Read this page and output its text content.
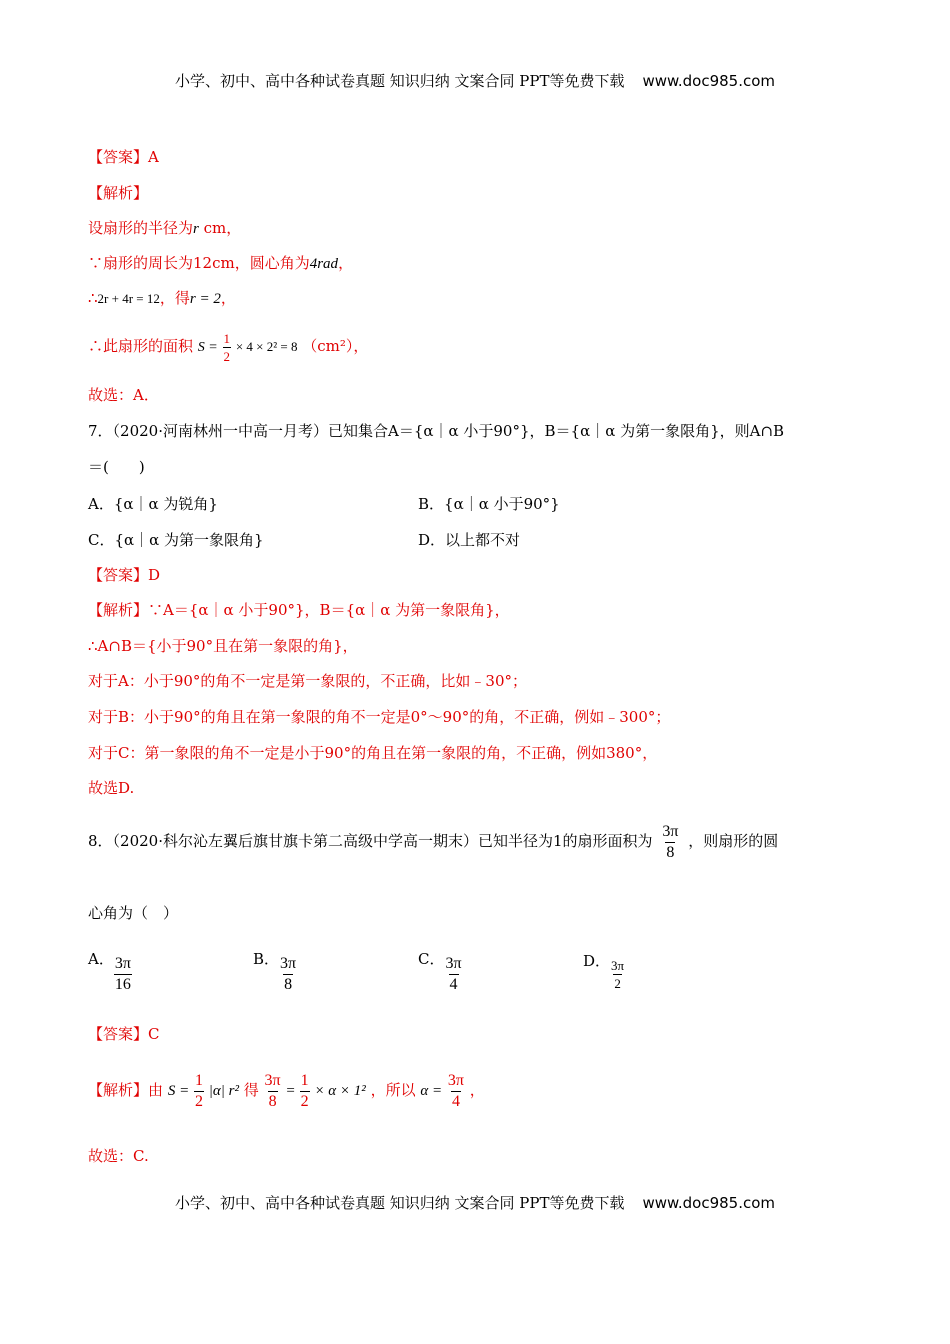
小学、初中、高中各种试卷真题 知识归纳 文案合同 PPT等免费下载 www.doc985.com
【答案】A
【解析】
设扇形的半径为r cm，
∵扇形的周长为12cm，圆心角为4rad，
∴2r + 4r = 12，得r = 2，
∴此扇形的面积 $S = \frac{1}{2} \times 4 \times 2^2 = 8$ （cm²），
故选：A．
7．（2020·河南林州一中高一月考）已知集合A＝{α｜α 小于90°}，B＝{α｜α 为第一象限角}，则A∩B
＝(　　)
A．{α｜α 为锐角}	B．{α｜α 小于90°}
C．{α｜α 为第一象限角}	D．以上都不对
【答案】D
【解析】∵A＝{α｜α 小于90°}，B＝{α｜α 为第一象限角}，
∴A∩B＝{小于90°且在第一象限的角}，
对于A：小于90°的角不一定是第一象限的，不正确，比如﹣30°；
对于B：小于90°的角且在第一象限的角不一定是0°～90°的角，不正确，例如﹣300°；
对于C：第一象限的角不一定是小于90°的角且在第一象限的角，不正确，例如380°，
故选D.
8．（2020·科尔沁左翼后旗甘旗卡第二高级中学高一期末）已知半径为1的扇形面积为 $\frac{3\pi}{8}$ ，则扇形的圆
心角为（　）
A． $\frac{3\pi}{16}$	B． $\frac{3\pi}{8}$	C． $\frac{3\pi}{4}$	D． $\frac{3\pi}{2}$
【答案】C
【解析】由 $S = \frac{1}{2} |\alpha|$ r² 得 $\frac{3\pi}{8} = \frac{1}{2} \times \alpha \times 1^2$ ，所以 $\alpha = \frac{3\pi}{4}$ ，
故选：C.
小学、初中、高中各种试卷真题 知识归纳 文案合同 PPT等免费下载 www.doc985.com
